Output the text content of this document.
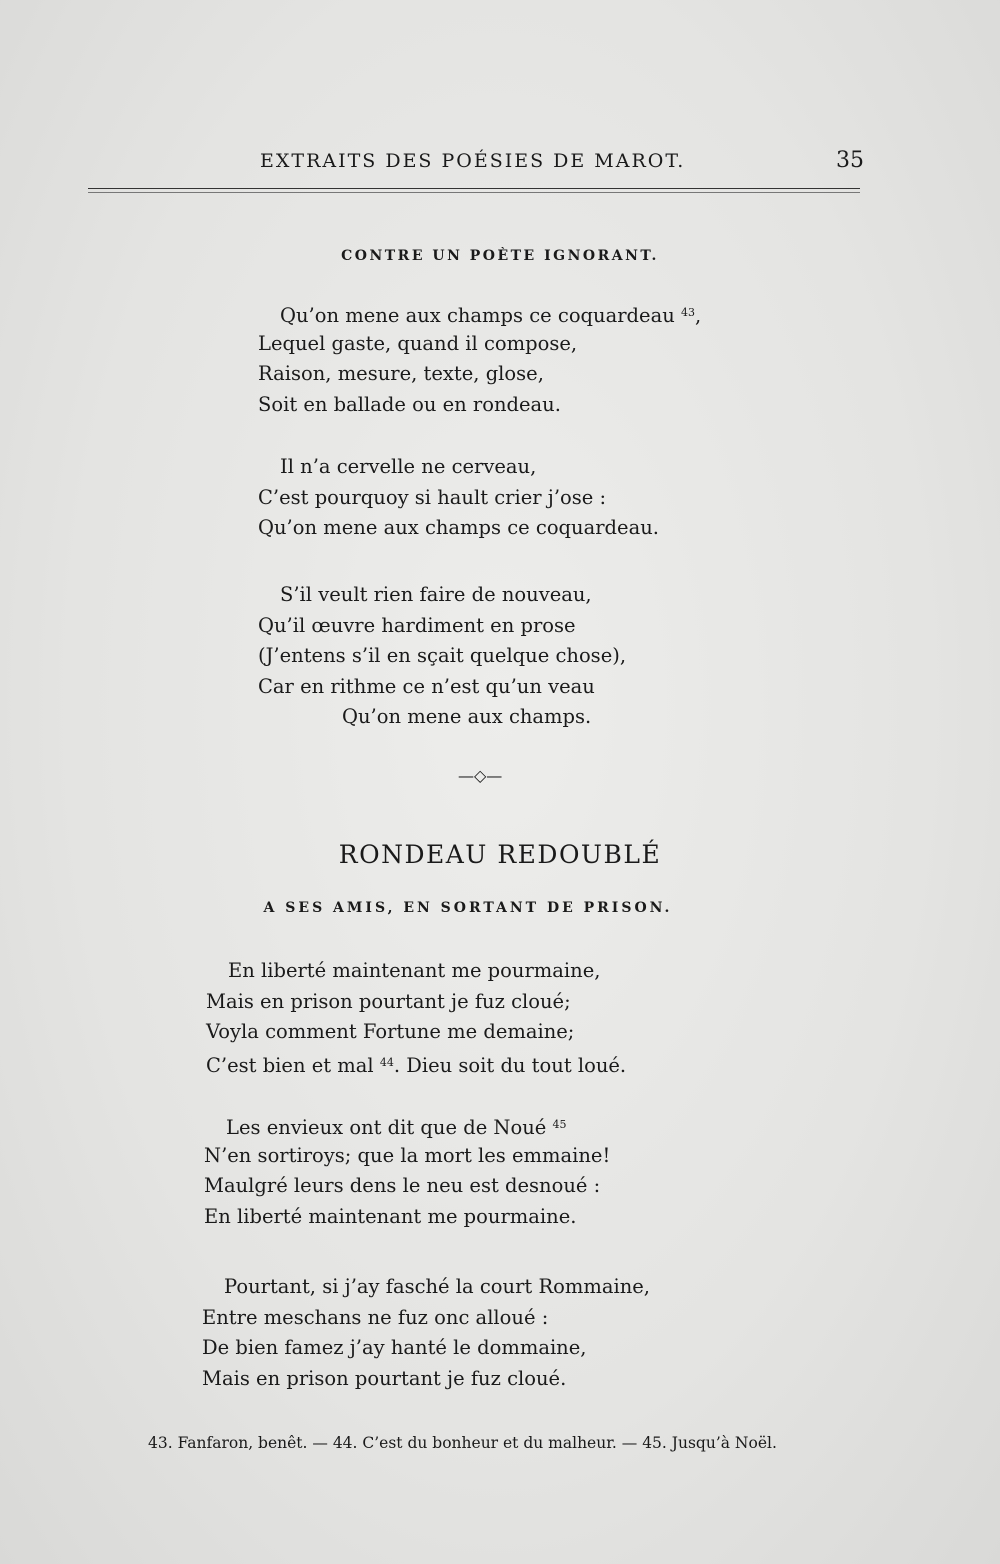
EXTRAITS DES POÉSIES DE MAROT.	35
CONTRE UN POÈTE IGNORANT.
Qu’on mene aux champs ce coquardeau $^{43}$,
Lequel gaste, quand il compose,
Raison, mesure, texte, glose,
Soit en ballade ou en rondeau.
Il n’a cervelle ne cerveau,
C’est pourquoy si hault crier j’ose :
Qu’on mene aux champs ce coquardeau.
S’il veult rien faire de nouveau,
Qu’il œuvre hardiment en prose
(J’entens s’il en sçait quelque chose),
Car en rithme ce n’est qu’un veau
Qu’on mene aux champs.
—◇—
RONDEAU REDOUBLÉ
A SES AMIS, EN SORTANT DE PRISON.
En liberté maintenant me pourmaine,
Mais en prison pourtant je fuz cloué;
Voyla comment Fortune me demaine;
C’est bien et mal $^{44}$. Dieu soit du tout loué.
Les envieux ont dit que de Noué $^{45}$
N’en sortiroys; que la mort les emmaine!
Maulgré leurs dens le neu est desnoué :
En liberté maintenant me pourmaine.
Pourtant, si j’ay fasché la court Rommaine,
Entre meschans ne fuz onc alloué :
De bien famez j’ay hanté le dommaine,
Mais en prison pourtant je fuz cloué.
43. Fanfaron, benêt. — 44. C’est du bonheur et du malheur. — 45. Jusqu’à Noël.
